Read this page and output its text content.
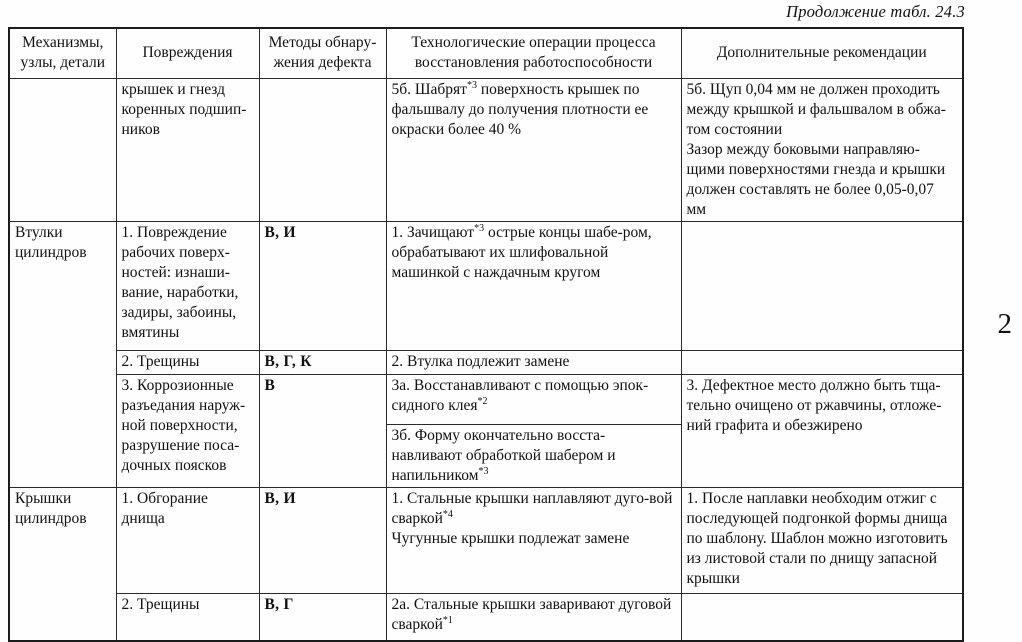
Продолжение табл. 24.3
2
Механизмы, узлы, детали	Повреждения	Методы обнару-жения дефекта	Технологические операции процесса восстановления работоспособности	Дополнительные рекомендации
	крышек и гнезд коренных подшип-ников		5б. Шабрят$^{*3}$ поверхность крышек по фальшвалу до получения плотности ее окраски более 40 %	5б. Щуп 0,04 мм не должен проходить между крышкой и фальшвалом в обжа-том состоянии
Зазор между боковыми направляю-щими поверхностями гнезда и крышки должен составлять не более 0,05-0,07 мм

Втулки цилиндров	1. Повреждение рабочих поверх-ностей: изнаши-вание, наработки, задиры, забоины, вмятины	В, И	1. Зачищают$^{*3}$ острые концы шабе-ром, обрабатывают их шлифовальной машинкой с наждачным кругом	

	2. Трещины	В, Г, К	2. Втулка подлежит замене	
	3. Коррозионные разъедания наруж-ной поверхности, разрушение поса-дочных поясков	В	3а. Восстанавливают с помощью эпок-сидного клея$^{*2}$	3. Дефектное место должно быть тща-тельно очищено от ржавчины, отложе-ний графита и обезжирено

			3б. Форму окончательно восста-навливают обработкой шабером и напильником$^{*3}$

Крышки цилиндров	1. Обгорание днища	В, И	1. Стальные крышки наплавляют дуго-вой сваркой$^{*4}$
Чугунные крышки подлежат замене	1. После наплавки необходим отжиг с последующей подгонкой формы днища по шаблону. Шаблон можно изготовить из листовой стали по днищу запасной крышки
	2. Трещины	В, Г	2а. Стальные крышки заваривают дуговой сваркой$^{*1}$
